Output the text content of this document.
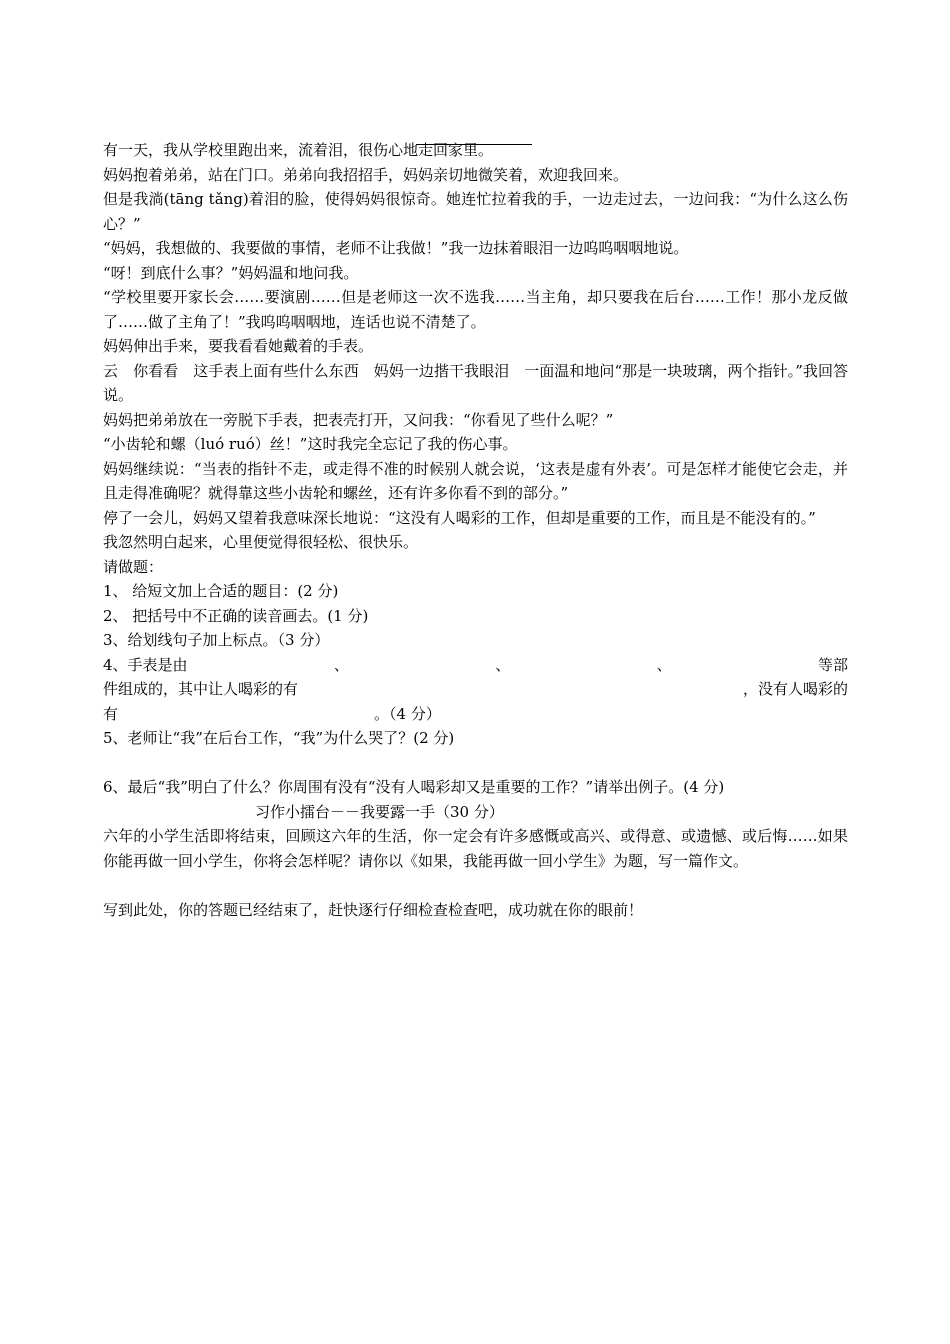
有一天，我从学校里跑出来，流着泪，很伤心地走回家里。

妈妈抱着弟弟，站在门口。弟弟向我招招手，妈妈亲切地微笑着，欢迎我回来。

但是我淌(tāng tǎng)着泪的脸，使得妈妈很惊奇。她连忙拉着我的手，一边走过去，一边问我：“为什么这么伤心？”

“妈妈，我想做的、我要做的事情，老师不让我做！”我一边抹着眼泪一边呜呜咽咽地说。

“呀！到底什么事？”妈妈温和地问我。

“学校里要开家长会……要演剧……但是老师这一次不选我……当主角，却只要我在后台……工作！那小龙反做了……做了主角了！”我呜呜咽咽地，连话也说不清楚了。

妈妈伸出手来，要我看看她戴着的手表。

云　你看看　这手表上面有些什么东西　妈妈一边揩干我眼泪　一面温和地问“那是一块玻璃，两个指针。”我回答说。

妈妈把弟弟放在一旁脱下手表，把表壳打开，又问我：“你看见了些什么呢？”

“小齿轮和螺（luó ruó）丝！”这时我完全忘记了我的伤心事。

妈妈继续说：“当表的指针不走，或走得不准的时候别人就会说，‘这表是虚有外表’。可是怎样才能使它会走，并且走得准确呢？就得靠这些小齿轮和螺丝，还有许多你看不到的部分。”

停了一会儿，妈妈又望着我意味深长地说：“这没有人喝彩的工作，但却是重要的工作，而且是不能没有的。”

我忽然明白起来，心里便觉得很轻松、很快乐。

请做题：

1、 给短文加上合适的题目：(2 分)

2、 把括号中不正确的读音画去。(1 分)

3、给划线句子加上标点。（3 分）

4、手表是由	、	、	、	等部
件组成的，其中让人喝彩的有	，没有人喝彩的
有	。（4 分）

5、老师让“我”在后台工作，“我”为什么哭了？(2 分)

6、最后“我”明白了什么？你周围有没有“没有人喝彩却又是重要的工作？”请举出例子。(4 分)

习作小擂台－－我要露一手（30 分）

六年的小学生活即将结束，回顾这六年的生活，你一定会有许多感慨或高兴、或得意、或遗憾、或后悔……如果你能再做一回小学生，你将会怎样呢？请你以《如果，我能再做一回小学生》为题，写一篇作文。

写到此处，你的答题已经结束了，赶快逐行仔细检查检查吧，成功就在你的眼前！
